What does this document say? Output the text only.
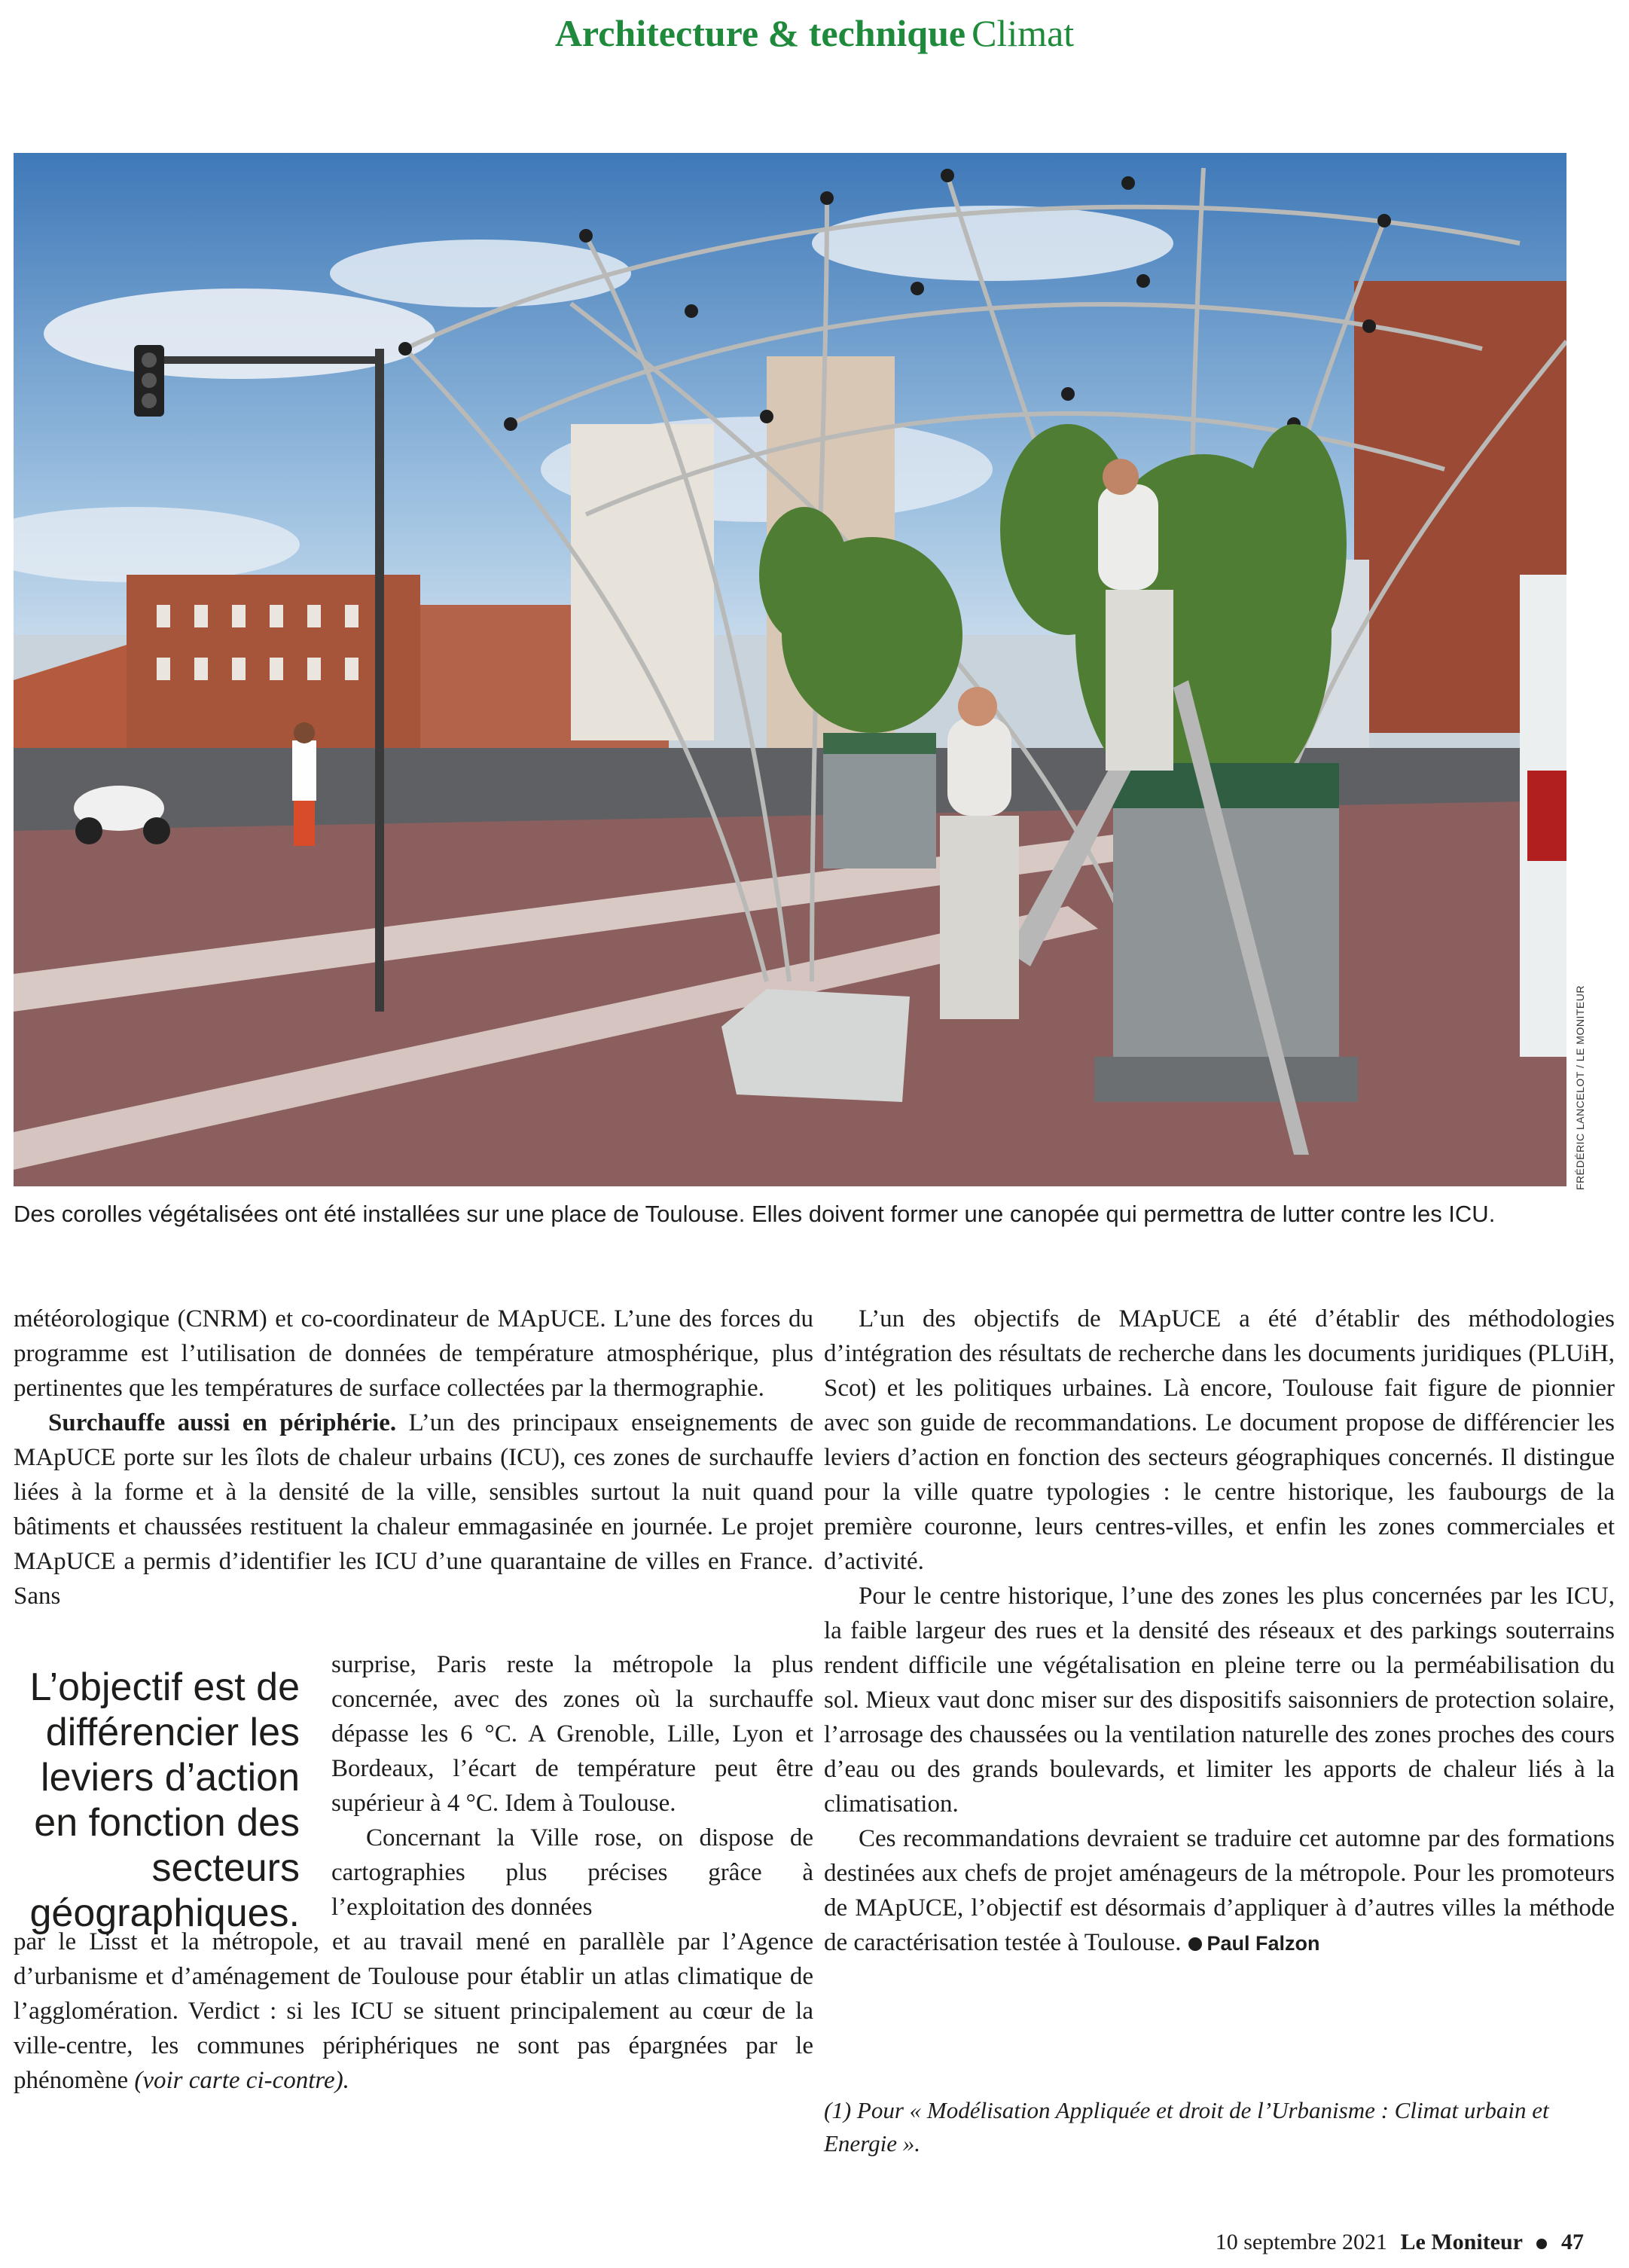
Architecture & technique Climat
FRÉDÉRIC LANCELOT / LE MONITEUR
Des corolles végétalisées ont été installées sur une place de Toulouse. Elles doivent former une canopée qui permettra de lutter contre les ICU.

météorologique (CNRM) et co-coordinateur de MApUCE. L’une des forces du programme est l’utilisation de données de température atmosphérique, plus pertinentes que les températures de surface collectées par la thermographie.

Surchauffe aussi en périphérie. L’un des principaux enseignements de MApUCE porte sur les îlots de chaleur urbains (ICU), ces zones de surchauffe liées à la forme et à la densité de la ville, sensibles surtout la nuit quand bâtiments et chaussées restituent la chaleur emmagasinée en journée. Le projet MApUCE a permis d’identifier les ICU d’une quarantaine de villes en France. Sans

L’objectif est de différencier les leviers d’action en fonction des secteurs géographiques.

surprise, Paris reste la métropole la plus concernée, avec des zones où la surchauffe dépasse les 6 °C. A Grenoble, Lille, Lyon et Bordeaux, l’écart de température peut être supérieur à 4 °C. Idem à Toulouse.

Concernant la Ville rose, on dispose de cartographies plus précises grâce à l’exploitation des données

par le Lisst et la métropole, et au travail mené en parallèle par l’Agence d’urbanisme et d’aménagement de Toulouse pour établir un atlas climatique de l’agglomération. Verdict : si les ICU se situent principalement au cœur de la ville-centre, les communes périphériques ne sont pas épargnées par le phénomène (voir carte ci-contre).

L’un des objectifs de MApUCE a été d’établir des méthodologies d’intégration des résultats de recherche dans les documents juridiques (PLUiH, Scot) et les politiques urbaines. Là encore, Toulouse fait figure de pionnier avec son guide de recommandations. Le document propose de différencier les leviers d’action en fonction des secteurs géographiques concernés. Il distingue pour la ville quatre typologies : le centre historique, les faubourgs de la première couronne, leurs centres-villes, et enfin les zones commerciales et d’activité.

Pour le centre historique, l’une des zones les plus concernées par les ICU, la faible largeur des rues et la densité des réseaux et des parkings souterrains rendent difficile une végétalisation en pleine terre ou la perméabilisation du sol. Mieux vaut donc miser sur des dispositifs saisonniers de protection solaire, l’arrosage des chaussées ou la ventilation naturelle des zones proches des cours d’eau ou des grands boulevards, et limiter les apports de chaleur liés à la climatisation.

Ces recommandations devraient se traduire cet automne par des formations destinées aux chefs de projet aménageurs de la métropole. Pour les promoteurs de MApUCE, l’objectif est désormais d’appliquer à d’autres villes la méthode de caractérisation testée à Toulouse. Paul Falzon

(1) Pour « Modélisation Appliquée et droit de l’Urbanisme : Climat urbain et Energie ».
10 septembre 2021 Le Moniteur 47
